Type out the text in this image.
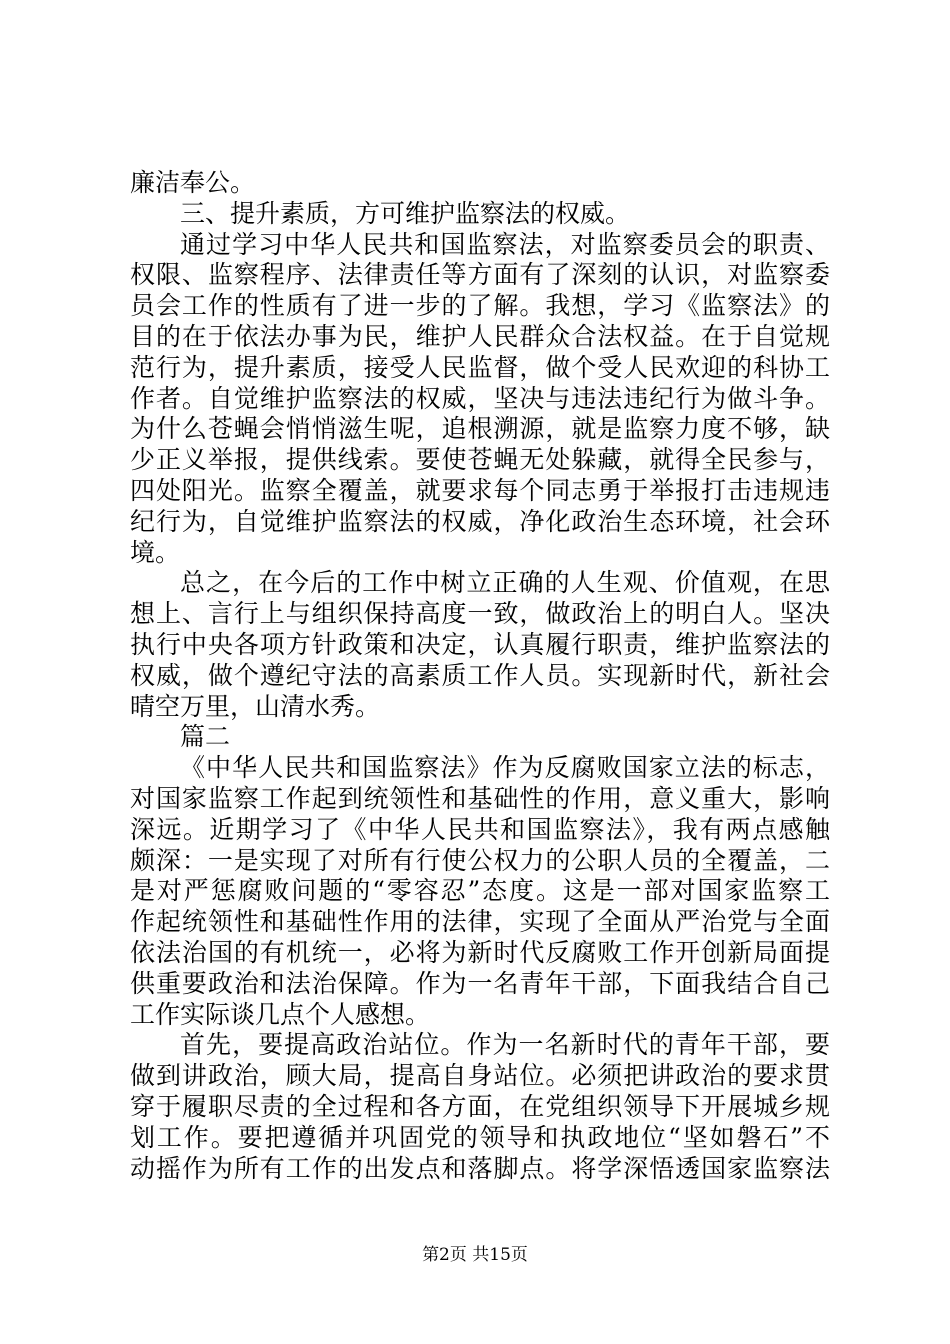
廉洁奉公。
三、提升素质，方可维护监察法的权威。
通过学习中华人民共和国监察法，对监察委员会的职责、
权限、监察程序、法律责任等方面有了深刻的认识，对监察委
员会工作的性质有了进一步的了解。我想，学习《监察法》的
目的在于依法办事为民，维护人民群众合法权益。在于自觉规
范行为，提升素质，接受人民监督，做个受人民欢迎的科协工
作者。自觉维护监察法的权威，坚决与违法违纪行为做斗争。
为什么苍蝇会悄悄滋生呢，追根溯源，就是监察力度不够，缺
少正义举报，提供线索。要使苍蝇无处躲藏，就得全民参与，
四处阳光。监察全覆盖，就要求每个同志勇于举报打击违规违
纪行为，自觉维护监察法的权威，净化政治生态环境，社会环
境。
总之，在今后的工作中树立正确的人生观、价值观，在思
想上、言行上与组织保持高度一致，做政治上的明白人。坚决
执行中央各项方针政策和决定，认真履行职责，维护监察法的
权威，做个遵纪守法的高素质工作人员。实现新时代，新社会
晴空万里，山清水秀。
篇二
《中华人民共和国监察法》作为反腐败国家立法的标志，
对国家监察工作起到统领性和基础性的作用，意义重大，影响
深远。近期学习了《中华人民共和国监察法》，我有两点感触
颇深：一是实现了对所有行使公权力的公职人员的全覆盖，二
是对严惩腐败问题的“零容忍”态度。这是一部对国家监察工
作起统领性和基础性作用的法律，实现了全面从严治党与全面
依法治国的有机统一，必将为新时代反腐败工作开创新局面提
供重要政治和法治保障。作为一名青年干部，下面我结合自己
工作实际谈几点个人感想。
首先，要提高政治站位。作为一名新时代的青年干部，要
做到讲政治，顾大局，提高自身站位。必须把讲政治的要求贯
穿于履职尽责的全过程和各方面，在党组织领导下开展城乡规
划工作。要把遵循并巩固党的领导和执政地位“坚如磐石”不
动摇作为所有工作的出发点和落脚点。将学深悟透国家监察法
第2页 共15页
